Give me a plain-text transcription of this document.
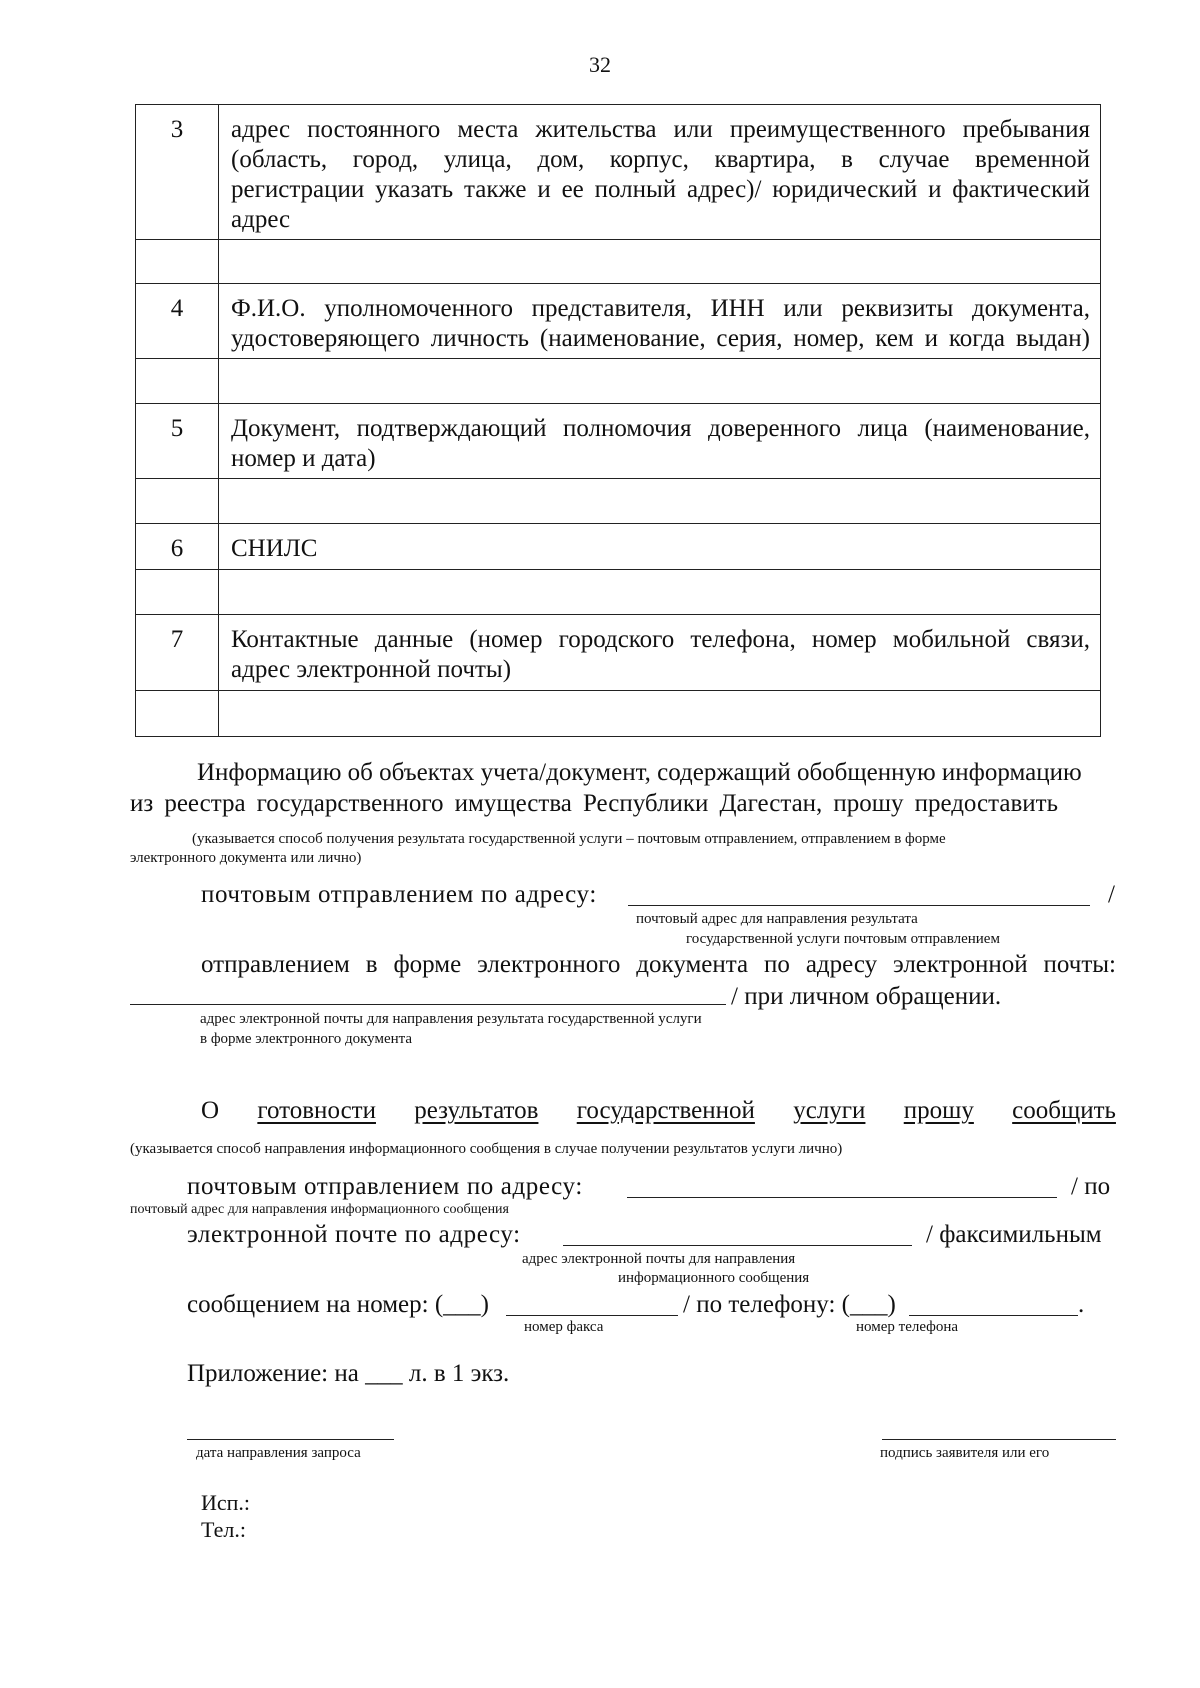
32
3	адрес постоянного места жительства или преимущественного пребывания
(область, город, улица, дом, корпус, квартира, в случае временной
регистрации указать также и ее полный адрес)/ юридический и фактический
адрес

4	Ф.И.О. уполномоченного представителя, ИНН или реквизиты документа,
удостоверяющего личность (наименование, серия, номер, кем и когда выдан)

5	Документ, подтверждающий полномочия доверенного лица (наименование,
номер и дата)

6	СНИЛС

7	Контактные данные (номер городского телефона, номер мобильной связи,
адрес электронной почты)

Информацию об объектах учета/документ, содержащий обобщенную информацию
из реестра государственного имущества Республики Дагестан, прошу предоставить
(указывается способ получения результата государственной услуги – почтовым отправлением, отправлением в форме
электронного документа или лично)
почтовым отправлением по адресу:	/
почтовый адрес для направления результата
государственной услуги почтовым отправлением
отправлением в форме электронного документа по адресу электронной почты:
/ при личном обращении.
адрес электронной почты для направления результата государственной услуги
в форме электронного документа
О готовности результатов государственной услуги прошу сообщить
(указывается способ направления информационного сообщения в случае получении результатов услуги лично)
почтовым отправлением по адресу:	/ по
почтовый адрес для направления информационного сообщения
электронной почте по адресу:	/ факсимильным
адрес электронной почты для направления
информационного сообщения
сообщением на номер: (___)	/ по телефону: (___)	.
номер факса	номер телефона
Приложение: на ___ л. в 1 экз.
дата направления запроса	подпись заявителя или его
Исп.:
Тел.:
